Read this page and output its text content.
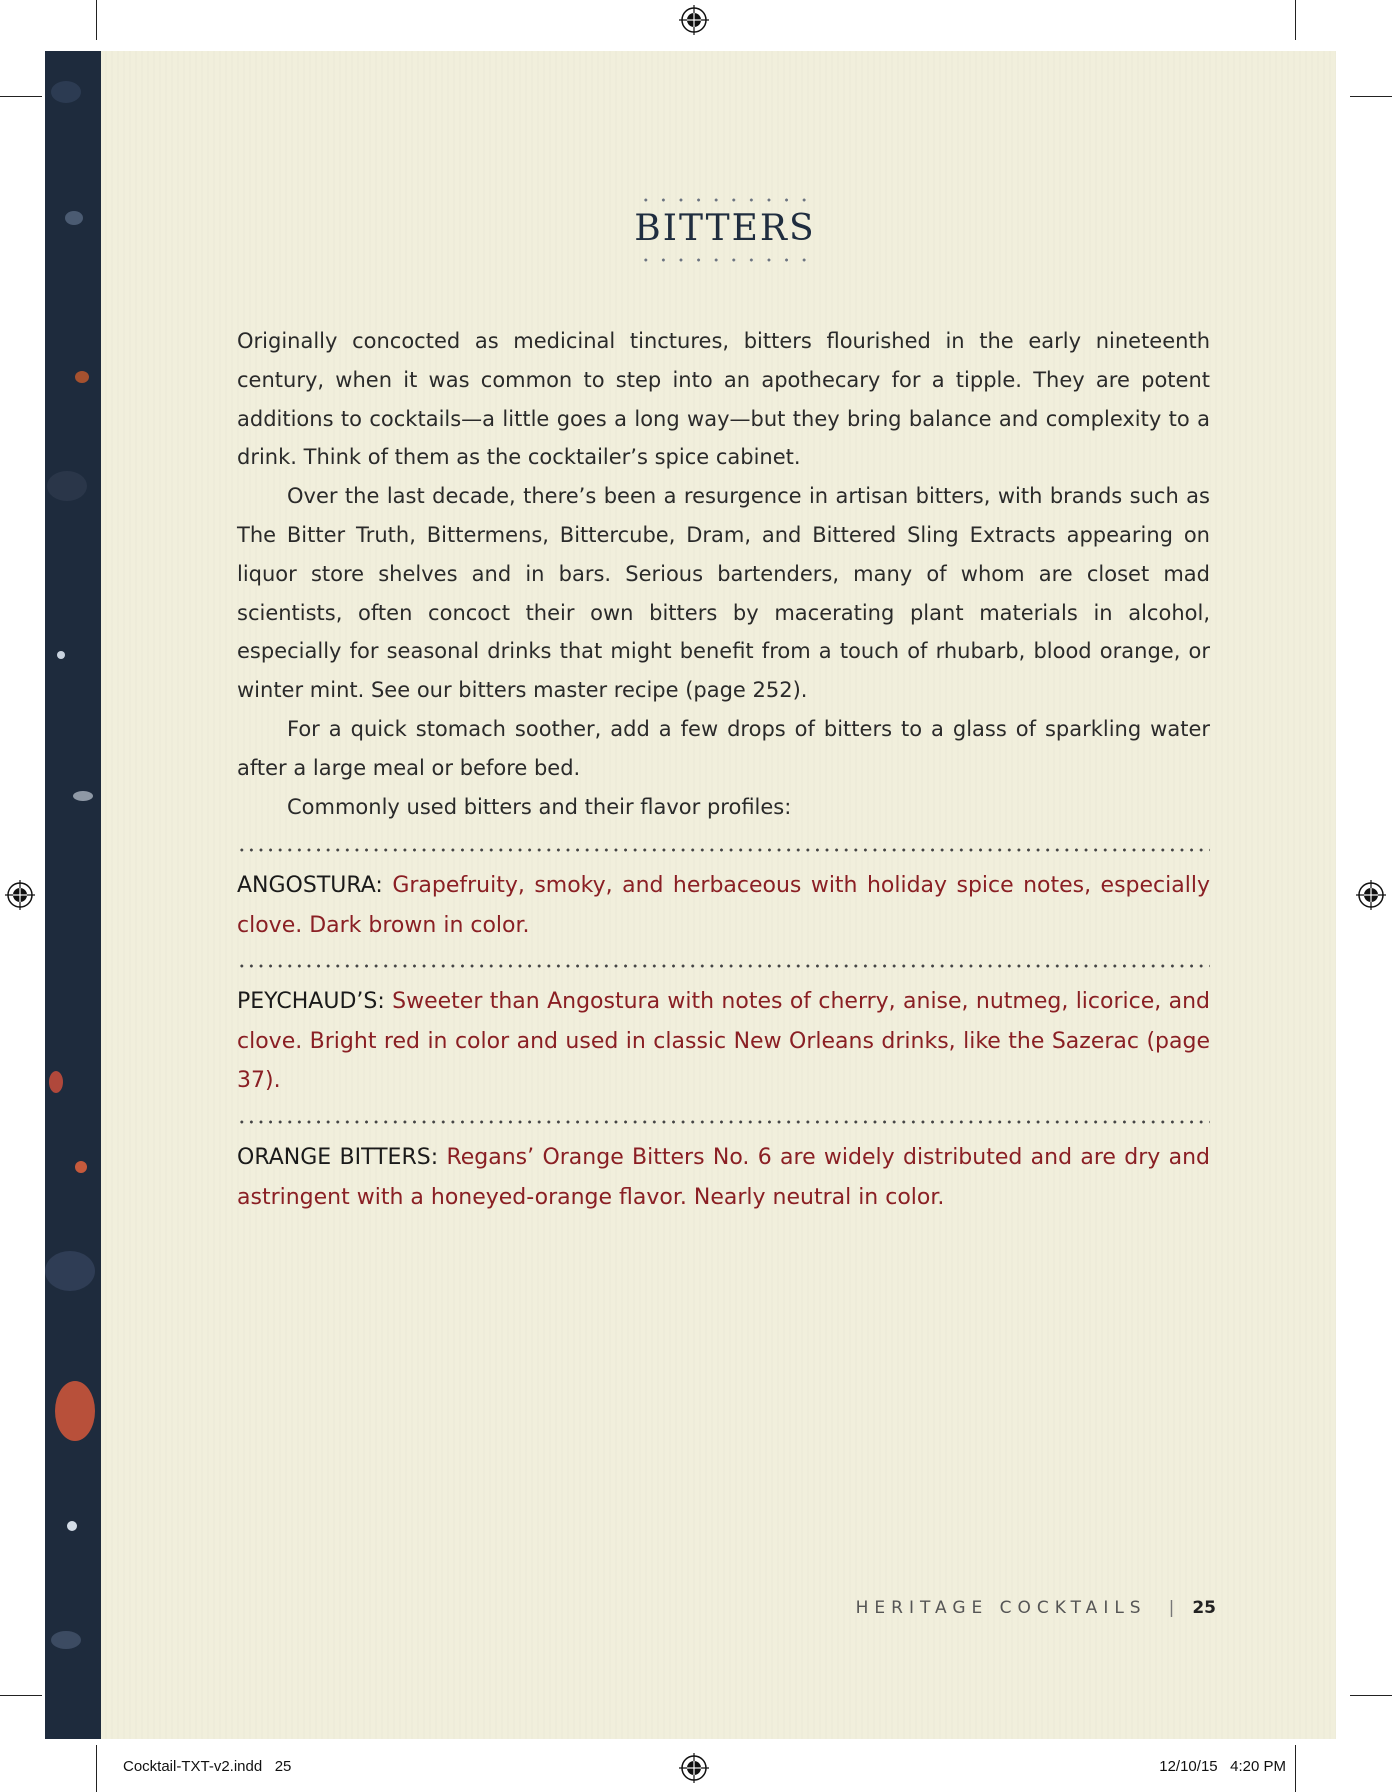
BITTERS

Originally concocted as medicinal tinctures, bitters flourished in the early nineteenth century, when it was common to step into an apothecary for a tipple. They are potent additions to cocktails—a little goes a long way—but they bring balance and complexity to a drink. Think of them as the cocktailer’s spice cabinet.

Over the last decade, there’s been a resurgence in artisan bitters, with brands such as The Bitter Truth, Bittermens, Bittercube, Dram, and Bittered Sling Extracts appearing on liquor store shelves and in bars. Serious bartenders, many of whom are closet mad scientists, often concoct their own bitters by macerating plant materials in alcohol, especially for seasonal drinks that might benefit from a touch of rhubarb, blood orange, or winter mint. See our bitters master recipe (page 252).

For a quick stomach soother, add a few drops of bitters to a glass of sparkling water after a large meal or before bed.

Commonly used bitters and their flavor profiles:

ANGOSTURA: Grapefruity, smoky, and herbaceous with holiday spice notes, especially clove. Dark brown in color.
PEYCHAUD’S: Sweeter than Angostura with notes of cherry, anise, nutmeg, licorice, and clove. Bright red in color and used in classic New Orleans drinks, like the Sazerac (page 37).
ORANGE BITTERS: Regans’ Orange Bitters No. 6 are widely distributed and are dry and astringent with a honeyed-orange flavor. Nearly neutral in color.
HERITAGE COCKTAILS | 25
Cocktail-TXT-v2.indd   25	12/10/15   4:20 PM
